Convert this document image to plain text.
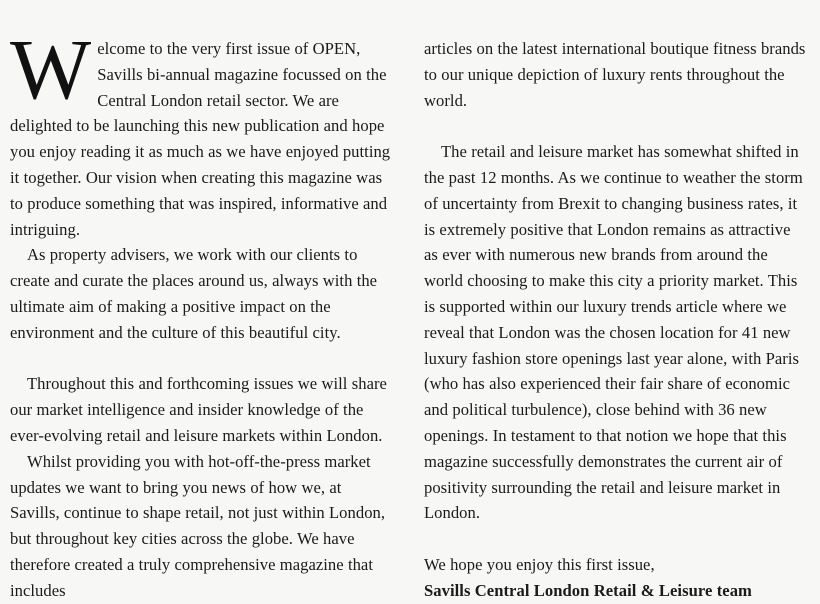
W elcome to the very first issue of OPEN, Savills bi-annual magazine focussed on the Central London retail sector. We are delighted to be launching this new publication and hope you enjoy reading it as much as we have enjoyed putting it together. Our vision when creating this magazine was to produce something that was inspired, informative and intriguing.

As property advisers, we work with our clients to create and curate the places around us, always with the ultimate aim of making a positive impact on the environment and the culture of this beautiful city.

Throughout this and forthcoming issues we will share our market intelligence and insider knowledge of the ever-evolving retail and leisure markets within London.

Whilst providing you with hot-off-the-press market updates we want to bring you news of how we, at Savills, continue to shape retail, not just within London, but throughout key cities across the globe. We have therefore created a truly comprehensive magazine that includes

articles on the latest international boutique fitness brands to our unique depiction of luxury rents throughout the world.

The retail and leisure market has somewhat shifted in the past 12 months. As we continue to weather the storm of uncertainty from Brexit to changing business rates, it is extremely positive that London remains as attractive as ever with numerous new brands from around the world choosing to make this city a priority market. This is supported within our luxury trends article where we reveal that London was the chosen location for 41 new luxury fashion store openings last year alone, with Paris (who has also experienced their fair share of economic and political turbulence), close behind with 36 new openings. In testament to that notion we hope that this magazine successfully demonstrates the current air of positivity surrounding the retail and leisure market in London.

We hope you enjoy this first issue,

Savills Central London Retail & Leisure team
